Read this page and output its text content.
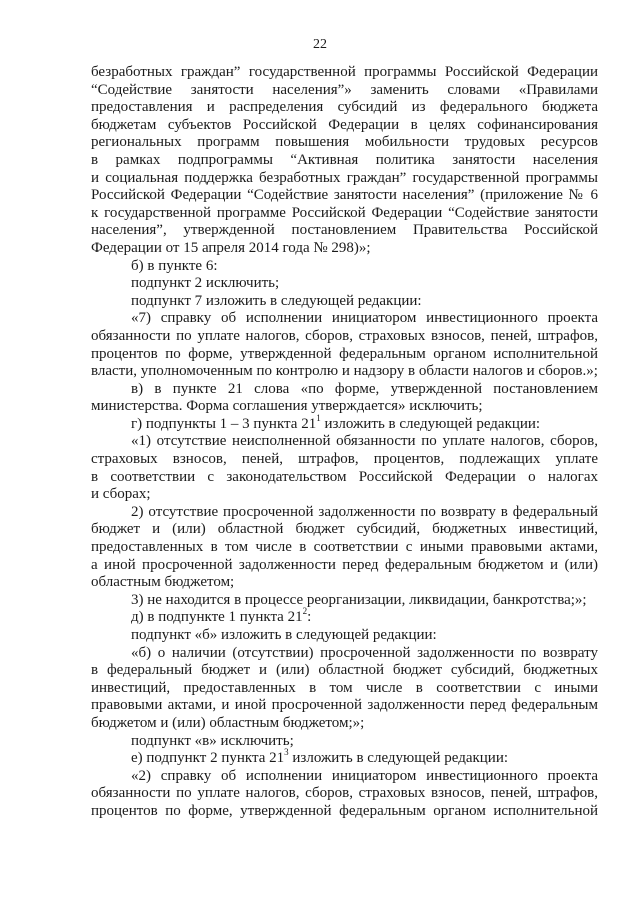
22
безработных граждан” государственной программы Российской Федерации
“Содействие занятости населения”» заменить словами «Правилами
предоставления и распределения субсидий из федерального бюджета
бюджетам субъектов Российской Федерации в целях софинансирования
региональных программ повышения мобильности трудовых ресурсов
в рамках подпрограммы “Активная политика занятости населения
и социальная поддержка безработных граждан” государственной программы
Российской Федерации “Содействие занятости населения” (приложение № 6
к государственной программе Российской Федерации “Содействие занятости
населения”, утвержденной постановлением Правительства Российской
Федерации от 15 апреля 2014 года № 298)»;
б) в пункте 6:
подпункт 2 исключить;
подпункт 7 изложить в следующей редакции:
«7) справку об исполнении инициатором инвестиционного проекта
обязанности по уплате налогов, сборов, страховых взносов, пеней, штрафов,
процентов по форме, утвержденной федеральным органом исполнительной
власти, уполномоченным по контролю и надзору в области налогов и сборов.»;
в) в пункте 21 слова «по форме, утвержденной постановлением
министерства. Форма соглашения утверждается» исключить;
г) подпункты 1 – 3 пункта $21^1$ изложить в следующей редакции:
«1) отсутствие неисполненной обязанности по уплате налогов, сборов,
страховых взносов, пеней, штрафов, процентов, подлежащих уплате
в соответствии с законодательством Российской Федерации о налогах
и сборах;
2) отсутствие просроченной задолженности по возврату в федеральный
бюджет и (или) областной бюджет субсидий, бюджетных инвестиций,
предоставленных в том числе в соответствии с иными правовыми актами,
а иной просроченной задолженности перед федеральным бюджетом и (или)
областным бюджетом;
3) не находится в процессе реорганизации, ликвидации, банкротства;»;
д) в подпункте 1 пункта $21^2$:
подпункт «б» изложить в следующей редакции:
«б) о наличии (отсутствии) просроченной задолженности по возврату
в федеральный бюджет и (или) областной бюджет субсидий, бюджетных
инвестиций, предоставленных в том числе в соответствии с иными
правовыми актами, и иной просроченной задолженности перед федеральным
бюджетом и (или) областным бюджетом;»;
подпункт «в» исключить;
е) подпункт 2 пункта $21^3$ изложить в следующей редакции:
«2) справку об исполнении инициатором инвестиционного проекта
обязанности по уплате налогов, сборов, страховых взносов, пеней, штрафов,
процентов по форме, утвержденной федеральным органом исполнительной
